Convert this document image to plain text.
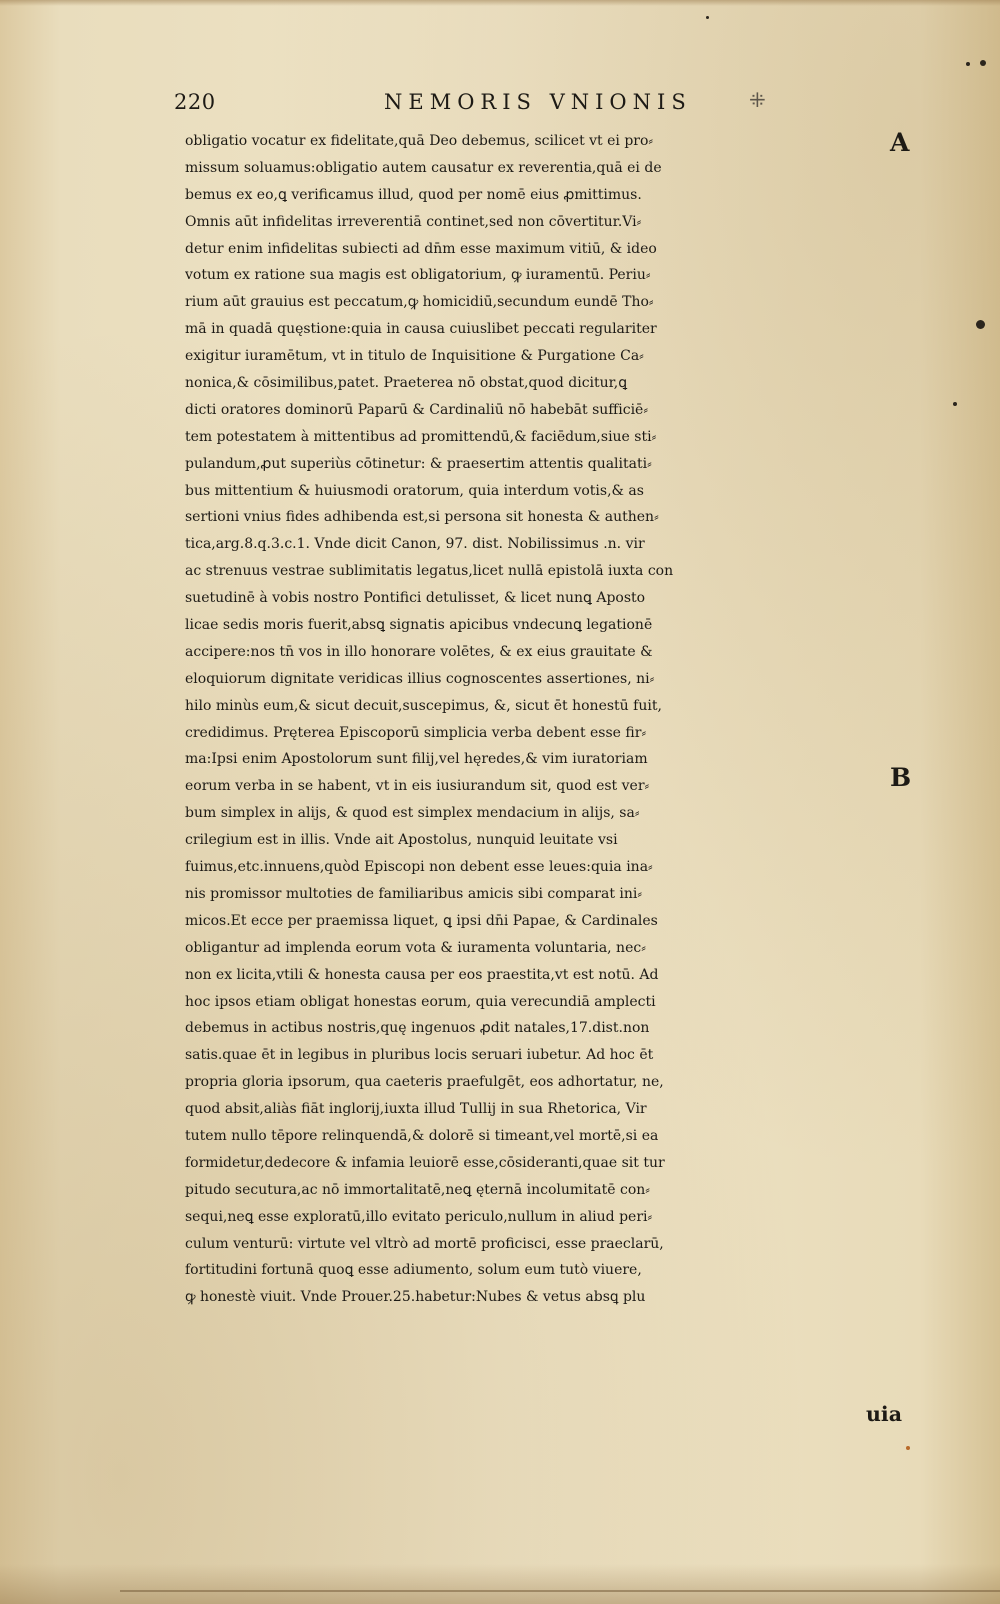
220	NEMORIS VNIONIS	⁜
obligatio vocatur ex fidelitate,quā Deo debemus, scilicet vt ei pro⸗
missum soluamus:obligatio autem causatur ex reverentia,quā ei de
bemus ex eo,ꝗ verificamus illud, quod per nomē eius ꝓmittimus.
Omnis aūt infidelitas irreverentiā continet,sed non cōvertitur.Vi⸗
detur enim infidelitas subiecti ad dn̄m esse maximum vitiū, & ideo
votum ex ratione sua magis est obligatorium, ꝙ iuramentū. Periu⸗
rium aūt grauius est peccatum,ꝙ homicidiū,secundum eundē Tho⸗
mā in quadā quęstione:quia in causa cuiuslibet peccati regulariter
exigitur iuramētum, vt in titulo de Inquisitione & Purgatione Ca⸗
nonica,& cōsimilibus,patet. Praeterea nō obstat,quod dicitur,ꝗ
dicti oratores dominorū Paparū & Cardinaliū nō habebāt sufficiē⸗
tem potestatem à mittentibus ad promittendū,& faciēdum,siue sti⸗
pulandum,ꝓut superiùs cōtinetur: & praesertim attentis qualitati⸗
bus mittentium & huiusmodi oratorum, quia interdum votis,& as
sertioni vnius fides adhibenda est,si persona sit honesta & authen⸗
tica,arg.8.q.3.c.1. Vnde dicit Canon, 97. dist. Nobilissimus .n. vir
ac strenuus vestrae sublimitatis legatus,licet nullā epistolā iuxta con
suetudinē à vobis nostro Pontifici detulisset, & licet nunꝗ Aposto
licae sedis moris fuerit,absꝗ signatis apicibus vndecunꝗ legationē
accipere:nos tn̄ vos in illo honorare volētes, & ex eius grauitate &
eloquiorum dignitate veridicas illius cognoscentes assertiones, ni⸗
hilo minùs eum,& sicut decuit,suscepimus, &, sicut ēt honestū fuit,
credidimus. Pręterea Episcoporū simplicia verba debent esse fir⸗
ma:Ipsi enim Apostolorum sunt filij,vel hęredes,& vim iuratoriam
eorum verba in se habent, vt in eis iusiurandum sit, quod est ver⸗
bum simplex in alijs, & quod est simplex mendacium in alijs, sa⸗
crilegium est in illis. Vnde ait Apostolus, nunquid leuitate vsi
fuimus,etc.innuens,quòd Episcopi non debent esse leues:quia ina⸗
nis promissor multoties de familiaribus amicis sibi comparat ini⸗
micos.Et ecce per praemissa liquet, ꝗ ipsi dn̄i Papae, & Cardinales
obligantur ad implenda eorum vota & iuramenta voluntaria, nec⸗
non ex licita,vtili & honesta causa per eos praestita,vt est notū. Ad
hoc ipsos etiam obligat honestas eorum, quia verecundiā amplecti
debemus in actibus nostris,quę ingenuos ꝓdit natales,17.dist.non
satis.quae ēt in legibus in pluribus locis seruari iubetur. Ad hoc ēt
propria gloria ipsorum, qua caeteris praefulgēt, eos adhortatur, ne,
quod absit,aliàs fiāt inglorij,iuxta illud Tullij in sua Rhetorica, Vir
tutem nullo tēpore relinquendā,& dolorē si timeant,vel mortē,si ea
formidetur,dedecore & infamia leuiorē esse,cōsideranti,quae sit tur
pitudo secutura,ac nō immortalitatē,neꝗ ęternā incolumitatē con⸗
sequi,neꝗ esse exploratū,illo evitato periculo,nullum in aliud peri⸗
culum venturū: virtute vel vltrò ad mortē proficisci, esse praeclarū,
fortitudini fortunā quoꝗ esse adiumento, solum eum tutò viuere,
ꝙ honestè viuit. Vnde Prouer.25.habetur:Nubes & vetus absꝗ plu
A
B
uia
